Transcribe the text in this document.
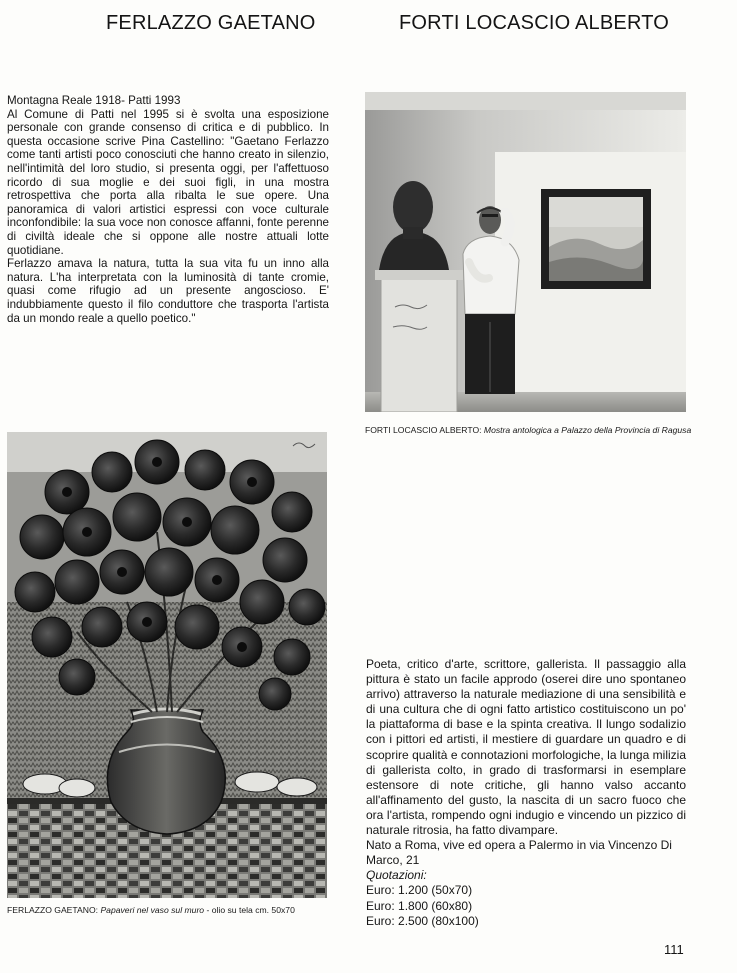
FERLAZZO GAETANO	FORTI LOCASCIO ALBERTO

Montagna Reale 1918- Patti 1993

Al Comune di Patti nel 1995 si è svolta una esposizione personale con grande consenso di critica e di pubblico. In questa occasione scrive Pina Castellino: "Gaetano Ferlazzo come tanti artisti poco conosciuti che hanno creato in silenzio, nell'intimità del loro studio, si presenta oggi, per l'affettuoso ricordo di sua moglie e dei suoi figli, in una mostra retrospettiva che porta alla ribalta le sue opere. Una panoramica di valori artistici espressi con voce culturale inconfondibile: la sua voce non conosce affanni, fonte perenne di civiltà ideale che si oppone alle nostre attuali lotte quotidiane.

Ferlazzo amava la natura, tutta la sua vita fu un inno alla natura. L'ha interpretata con la luminosità di tante cromie, quasi come rifugio ad un presente angoscioso. E' indubbiamente questo il filo conduttore che trasporta l'artista da un mondo reale a quello poetico."

FORTI LOCASCIO ALBERTO: Mostra antologica a Palazzo della Provincia di Ragusa
FERLAZZO GAETANO: Papaveri nel vaso sul muro - olio su tela cm. 50x70

Poeta, critico d'arte, scrittore, gallerista. Il passaggio alla pittura è stato un facile approdo (oserei dire uno spontaneo arrivo) attraverso la naturale mediazione di una sensibilità e di una cultura che di ogni fatto artistico costituiscono un po' la piattaforma di base e la spinta creativa. Il lungo sodalizio con i pittori ed artisti, il mestiere di guardare un quadro e di scoprire qualità e connotazioni morfologiche, la lunga milizia di gallerista colto, in grado di trasformarsi in esemplare estensore di note critiche, gli hanno valso accanto all'affinamento del gusto, la nascita di un sacro fuoco che ora l'artista, rompendo ogni indugio e vincendo un pizzico di naturale ritrosia, ha fatto divampare.

Nato a Roma, vive ed opera a Palermo in via Vincenzo Di Marco, 21

Quotazioni:

Euro: 1.200 (50x70)

Euro: 1.800 (60x80)

Euro: 2.500 (80x100)

111
